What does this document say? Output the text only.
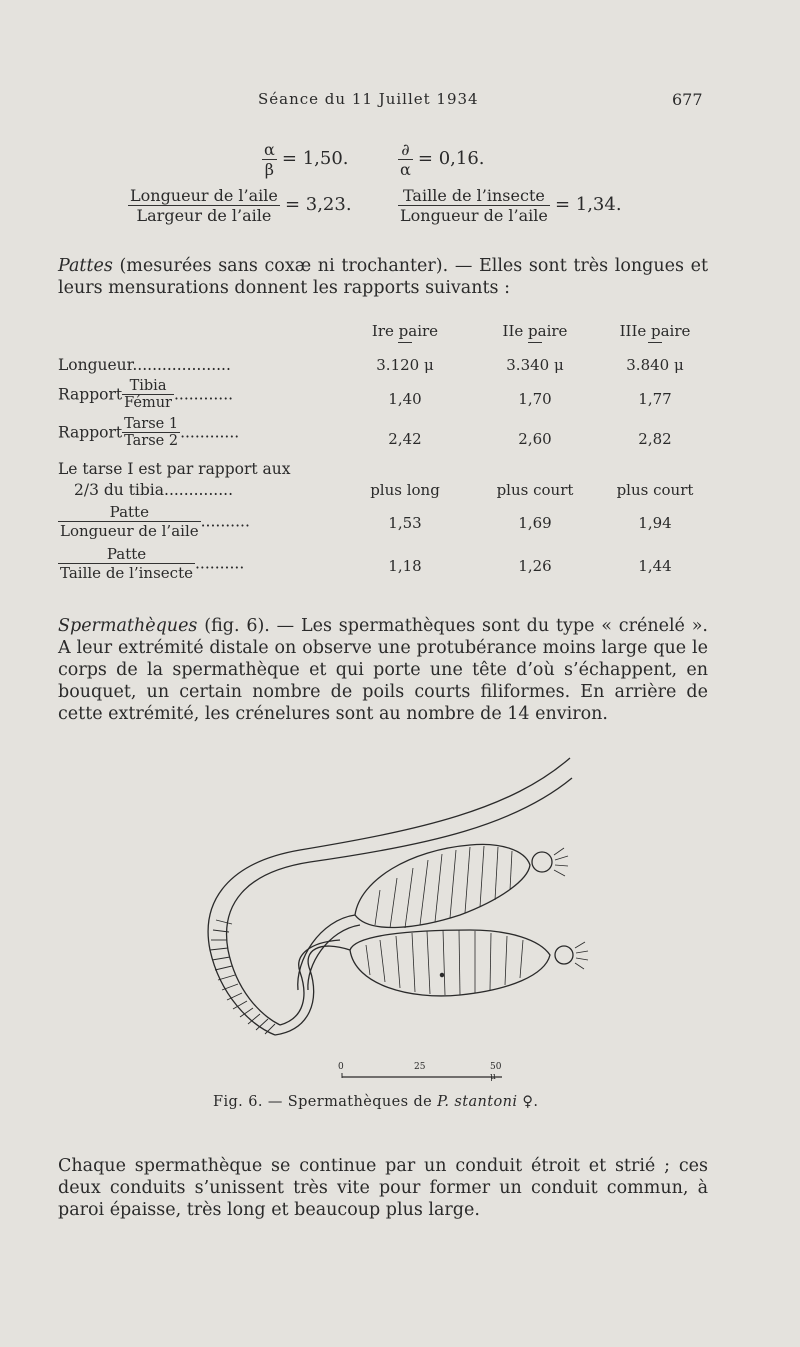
Séance du 11 Juillet 1934	677
$\frac{\alpha}{\beta} = 1,50$.	$\frac{\partial}{\alpha} = 0,16$.
$\frac{\text{Longueur de l’aile}}{\text{Largeur de l’aile}} = 3,23$.	$\frac{\text{Taille de l’insecte}}{\text{Longueur de l’aile}} = 1,34$.
Pattes (mesurées sans coxæ ni trochanter). — Elles sont très longues et leurs mensurations donnent les rapports suivants :
Ire paire	IIe paire	IIIe paire
Longueur....................	3.120 μ	3.340 μ	3.840 μ
Rapport $\frac{\text{Tibia}}{\text{Fémur}}$ ............	1,40	1,70	1,77
Rapport $\frac{\text{Tarse 1}}{\text{Tarse 2}}$ ............	2,42	2,60	2,82
Le tarse I est par rapport aux
2/3 du tibia..............	plus long	plus court	plus court
$\frac{\text{Patte}}{\text{Longueur de l’aile}}$ ..........	1,53	1,69	1,94
$\frac{\text{Patte}}{\text{Taille de l’insecte}}$ ..........	1,18	1,26	1,44
Spermathèques (fig. 6). — Les spermathèques sont du type « crénelé ». A leur extrémité distale on observe une protubérance moins large que le corps de la spermathèque et qui porte une tête d’où s’échappent, en bouquet, un certain nombre de poils courts filiformes. En arrière de cette extrémité, les crénelures sont au nombre de 14 environ.
0	25	50 μ
Fig. 6. — Spermathèques de P. stantoni ♀.
Chaque spermathèque se continue par un conduit étroit et strié ; ces deux conduits s’unissent très vite pour former un conduit commun, à paroi épaisse, très long et beaucoup plus large.
